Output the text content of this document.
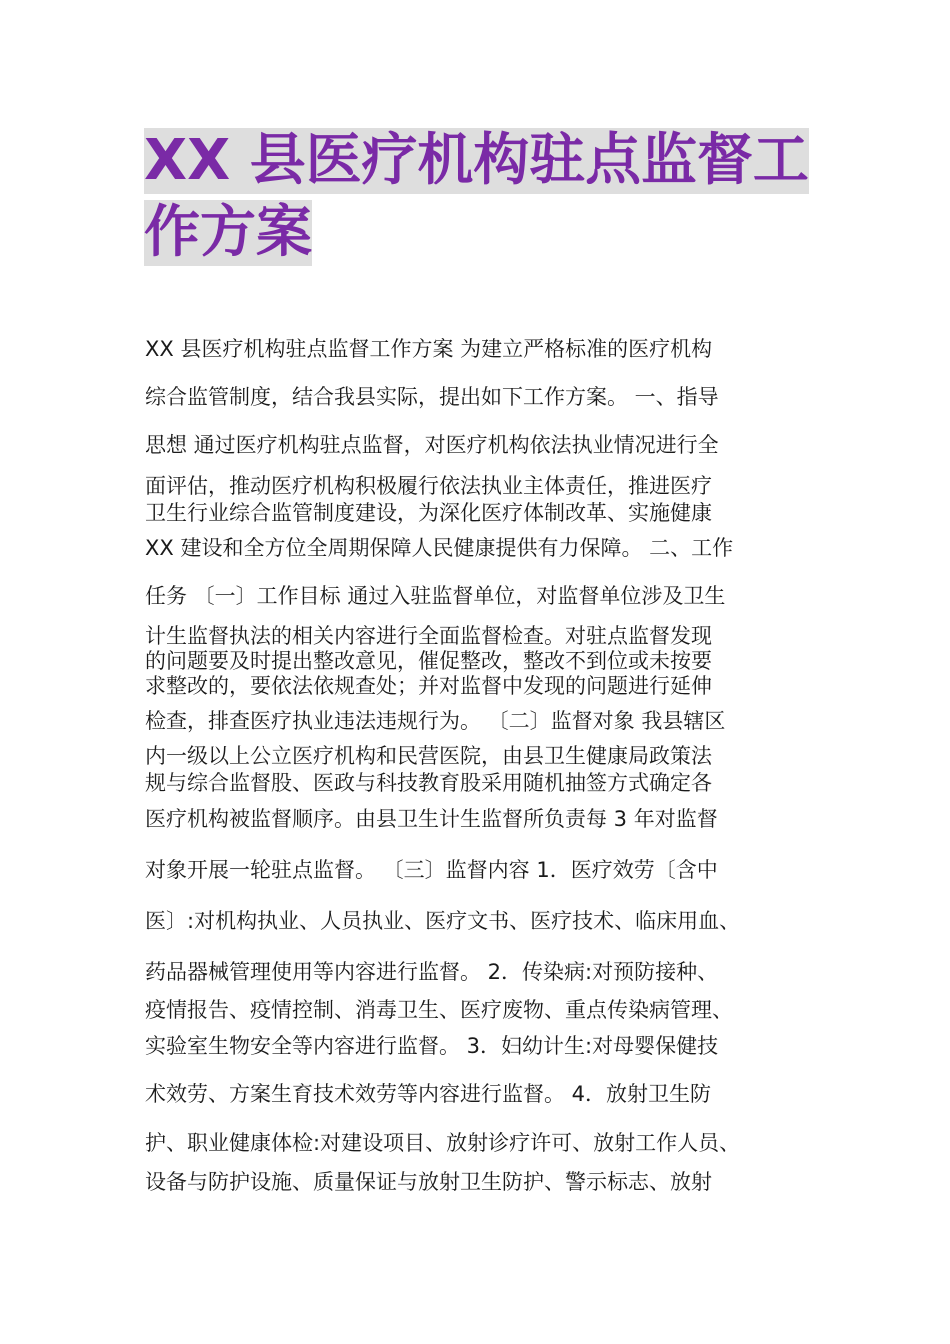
XX 县医疗机构驻点监督工
作方案
XX 县医疗机构驻点监督工作方案 为建立严格标准的医疗机构
综合监管制度，结合我县实际，提出如下工作方案。 一、指导
思想 通过医疗机构驻点监督，对医疗机构依法执业情况进行全
面评估，推动医疗机构积极履行依法执业主体责任，推进医疗
卫生行业综合监管制度建设，为深化医疗体制改革、实施健康
XX 建设和全方位全周期保障人民健康提供有力保障。 二、工作
任务 〔一〕工作目标 通过入驻监督单位，对监督单位涉及卫生
计生监督执法的相关内容进行全面监督检查。对驻点监督发现
的问题要及时提出整改意见，催促整改，整改不到位或未按要
求整改的，要依法依规查处；并对监督中发现的问题进行延伸
检查，排查医疗执业违法违规行为。 〔二〕监督对象 我县辖区
内一级以上公立医疗机构和民营医院，由县卫生健康局政策法
规与综合监督股、医政与科技教育股采用随机抽签方式确定各
医疗机构被监督顺序。由县卫生计生监督所负责每 3 年对监督
对象开展一轮驻点监督。 〔三〕监督内容 1．医疗效劳〔含中
医〕:对机构执业、人员执业、医疗文书、医疗技术、临床用血、
药品器械管理使用等内容进行监督。 2．传染病:对预防接种、
疫情报告、疫情控制、消毒卫生、医疗废物、重点传染病管理、
实验室生物安全等内容进行监督。 3．妇幼计生:对母婴保健技
术效劳、方案生育技术效劳等内容进行监督。 4．放射卫生防
护、职业健康体检:对建设项目、放射诊疗许可、放射工作人员、
设备与防护设施、质量保证与放射卫生防护、警示标志、放射
